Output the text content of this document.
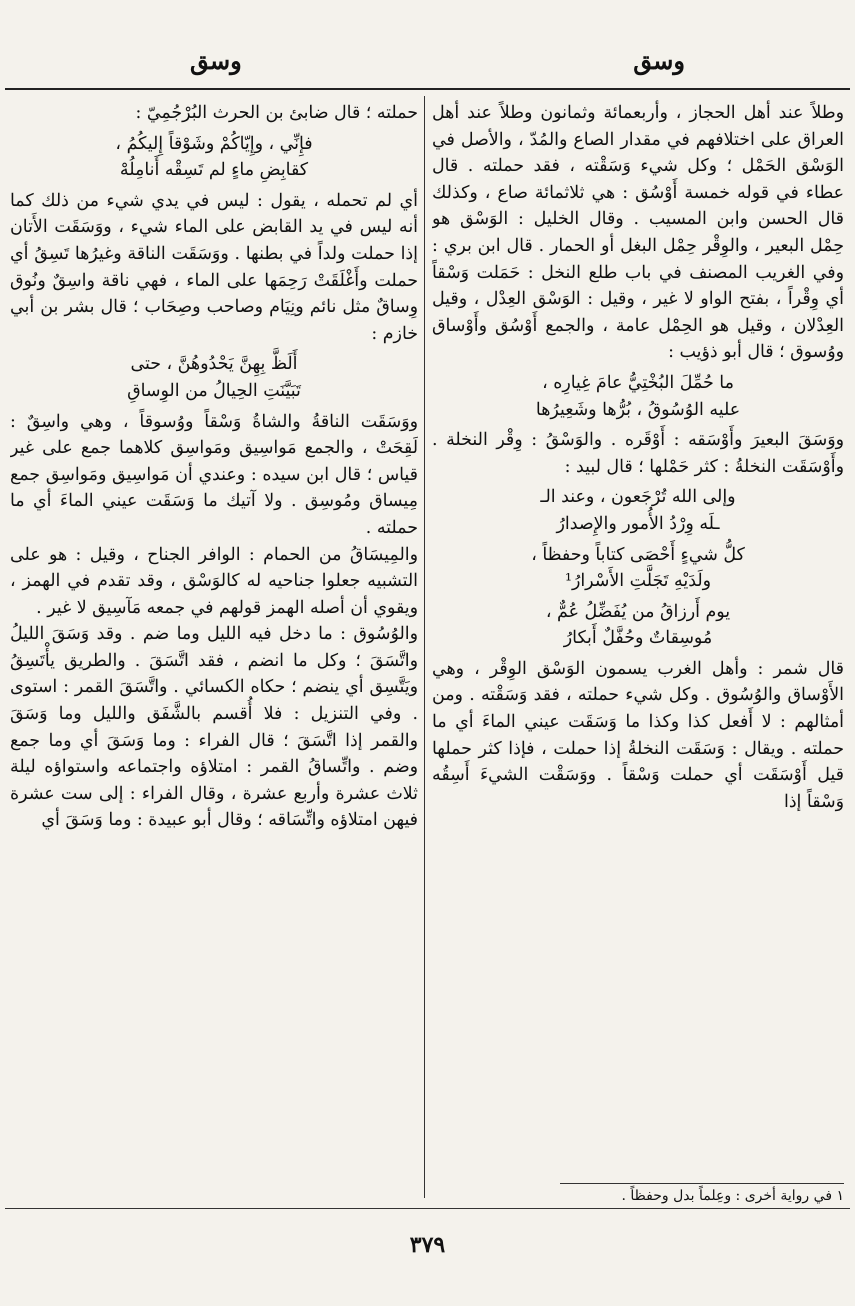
وسق
وسق

وطلاً عند أهل الحجاز ، وأربعمائة وثمانون وطلاً عند أهل العراق على اختلافهم في مقدار الصاع والمُدّ ، والأصل في الوَسْق الحَمْل ؛ وكل شيء وَسَقْته ، فقد حملته . قال عطاء في قوله خمسة أَوْسُق : هي ثلاثمائة صاع ، وكذلك قال الحسن وابن المسيب . وقال الخليل : الوَسْق هو حِمْل البعير ، والوِقْر حِمْل البغل أو الحمار . قال ابن بري : وفي الغريب المصنف في باب طلع النخل : حَمَلت وَسْقاً أي وِقْراً ، بفتح الواو لا غير ، وقيل : الوَسْق العِدْل ، وقيل العِدْلان ، وقيل هو الحِمْل عامة ، والجمع أَوْسُق وأَوْساق ووُسوق ؛ قال أبو ذؤيب :

ما حُمِّلَ البُخْتِيُّ عامَ غِيارِه ،
عليه الوُسُوقُ ، بُرُّها وشَعِيرُها

ووَسَقَ البعيرَ وأَوْسَقه : أَوْقَره . والوَسْقُ : وِقْر النخلة . وأَوْسَقَت النخلةُ : كثر حَمْلها ؛ قال لبيد :

وإلى الله تُرْجَعون ، وعند الـ
ـلَه وِرْدُ الأُمور والإِصدارُ
كلُّ شيءٍ أَحْصَى كتاباً وحفظاً ،
ولَدَيْهِ تَجَلَّتِ الأَسْرارُ¹
يوم أَرزاقُ من يُفَضِّلُ عُمٌّ ،
مُوسِقاتٌ وحُفَّلٌ أَبكارُ

قال شمر : وأهل الغرب يسمون الوَسْق الوِقْر ، وهي الأَوْساق والوُسُوق . وكل شيء حملته ، فقد وَسَقْته . ومن أمثالهم : لا أَفعل كذا وكذا ما وَسَقَت عيني الماءَ أي ما حملته . ويقال : وَسَقَت النخلةُ إذا حملت ، فإذا كثر حملها قيل أَوْسَقَت أي حملت وَسْقاً . ووَسَقْت الشيءَ أَسِقُه وَسْقاً إذا

حملته ؛ قال ضابئ بن الحرث البُرْجُمِيّ :

فإِنِّي ، وإِيّاكُمْ وشَوْقاً إِليكُمُ ،
كقابِضِ ماءٍ لم تَسِقْه أَنامِلُهْ

أي لم تحمله ، يقول : ليس في يدي شيء من ذلك كما أنه ليس في يد القابض على الماء شيء ، ووَسَقَت الأَتان إذا حملت ولداً في بطنها . ووَسَقَت الناقة وغيرُها تَسِقُ أي حملت وأَغْلَقَتْ رَحِمَها على الماء ، فهي ناقة واسِقٌ ونُوق وِساقٌ مثل نائم ونِيَام وصاحب وصِحَاب ؛ قال بشر بن أبي خازم :

أَلَظَّ بِهِنَّ يَحْدُوهُنَّ ، حتى
تَبَيَّنَتِ الحِيالُ من الوِساقِ

ووَسَقَت الناقةُ والشاةُ وَسْقاً ووُسوقاً ، وهي واسِقٌ : لَقِحَتْ ، والجمع مَواسِيق ومَواسِق كلاهما جمع على غير قياس ؛ قال ابن سيده : وعندي أن مَواسِيق ومَواسِق جمع مِيساق ومُوسِق . ولا آتيك ما وَسَقَت عيني الماءَ أي ما حملته .

والمِيسَاقُ من الحمام : الوافر الجناح ، وقيل : هو على التشبيه جعلوا جناحيه له كالوَسْق ، وقد تقدم في الهمز ، ويقوي أن أصله الهمز قولهم في جمعه مَآسِيق لا غير .

والوُسُوق : ما دخل فيه الليل وما ضم . وقد وَسَقَ الليلُ واتَّسَقَ ؛ وكل ما انضم ، فقد اتَّسَقَ . والطريق يأْتَسِقُ ويَتَّسِق أي ينضم ؛ حكاه الكسائي . واتَّسَقَ القمر : استوى . وفي التنزيل : فلا أُقسم بالشَّفَق والليل وما وَسَقَ والقمر إذا اتَّسَقَ ؛ قال الفراء : وما وَسَقَ أي وما جمع وضم . واتِّساقُ القمر : امتلاؤه واجتماعه واستواؤه ليلة ثلاث عشرة وأربع عشرة ، وقال الفراء : إلى ست عشرة فيهن امتلاؤه واتِّسَاقه ؛ وقال أبو عبيدة : وما وَسَقَ أي

١ في رواية أخرى : وعِلماً بدل وحفظاً .
٣٧٩
